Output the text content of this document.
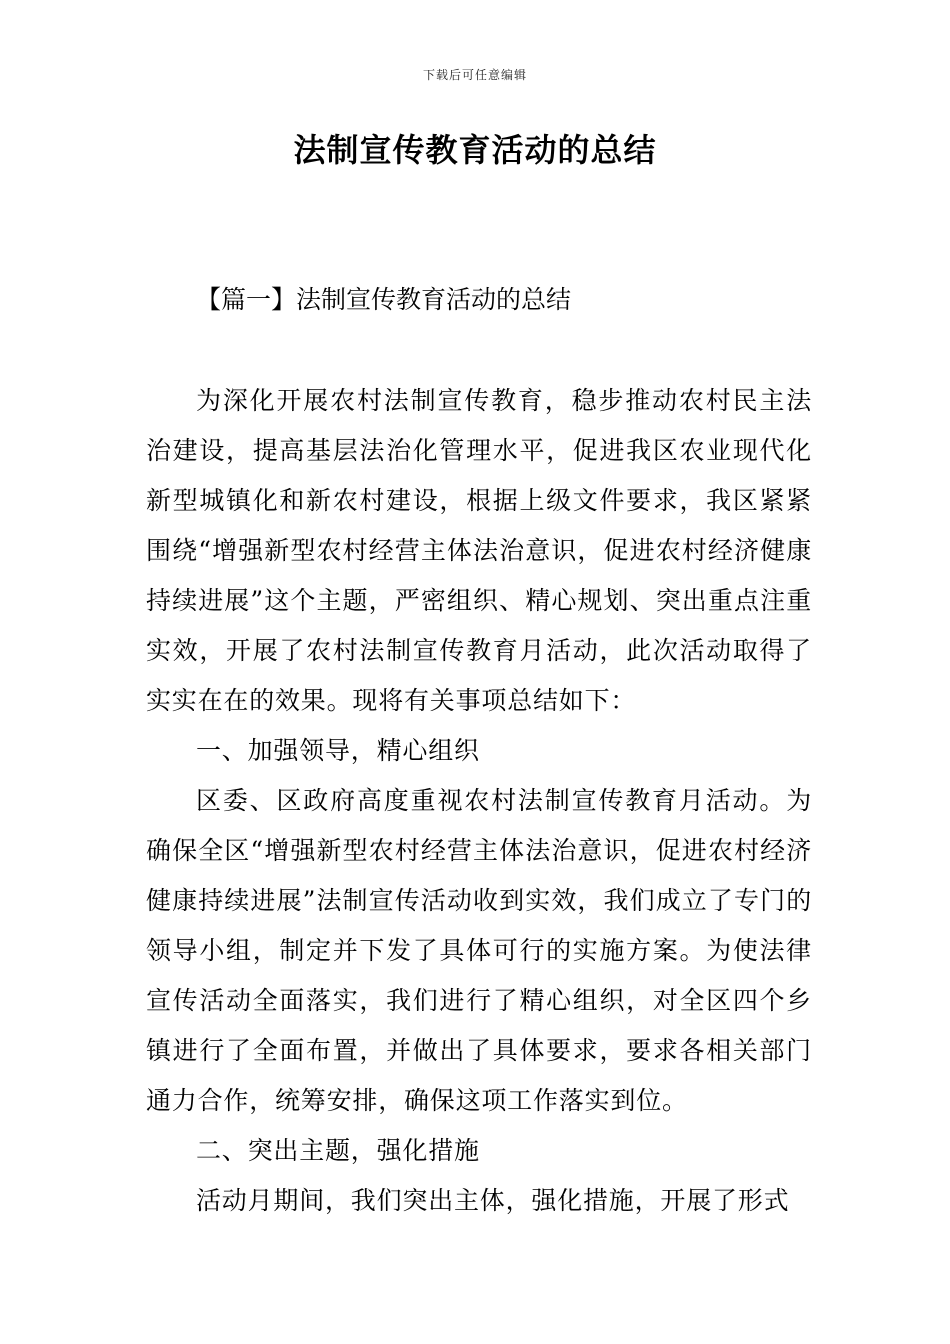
下载后可任意编辑
法制宣传教育活动的总结
【篇一】法制宣传教育活动的总结

为深化开展农村法制宣传教育，稳步推动农村民主法治建设，提高基层法治化管理水平，促进我区农业现代化新型城镇化和新农村建设，根据上级文件要求，我区紧紧围绕“增强新型农村经营主体法治意识，促进农村经济健康持续进展”这个主题，严密组织、精心规划、突出重点注重实效，开展了农村法制宣传教育月活动，此次活动取得了实实在在的效果。现将有关事项总结如下：

一、加强领导，精心组织

区委、区政府高度重视农村法制宣传教育月活动。为确保全区“增强新型农村经营主体法治意识，促进农村经济健康持续进展”法制宣传活动收到实效，我们成立了专门的领导小组，制定并下发了具体可行的实施方案。为使法律宣传活动全面落实，我们进行了精心组织，对全区四个乡镇进行了全面布置，并做出了具体要求，要求各相关部门通力合作，统筹安排，确保这项工作落实到位。

二、突出主题，强化措施

活动月期间，我们突出主体，强化措施，开展了形式
